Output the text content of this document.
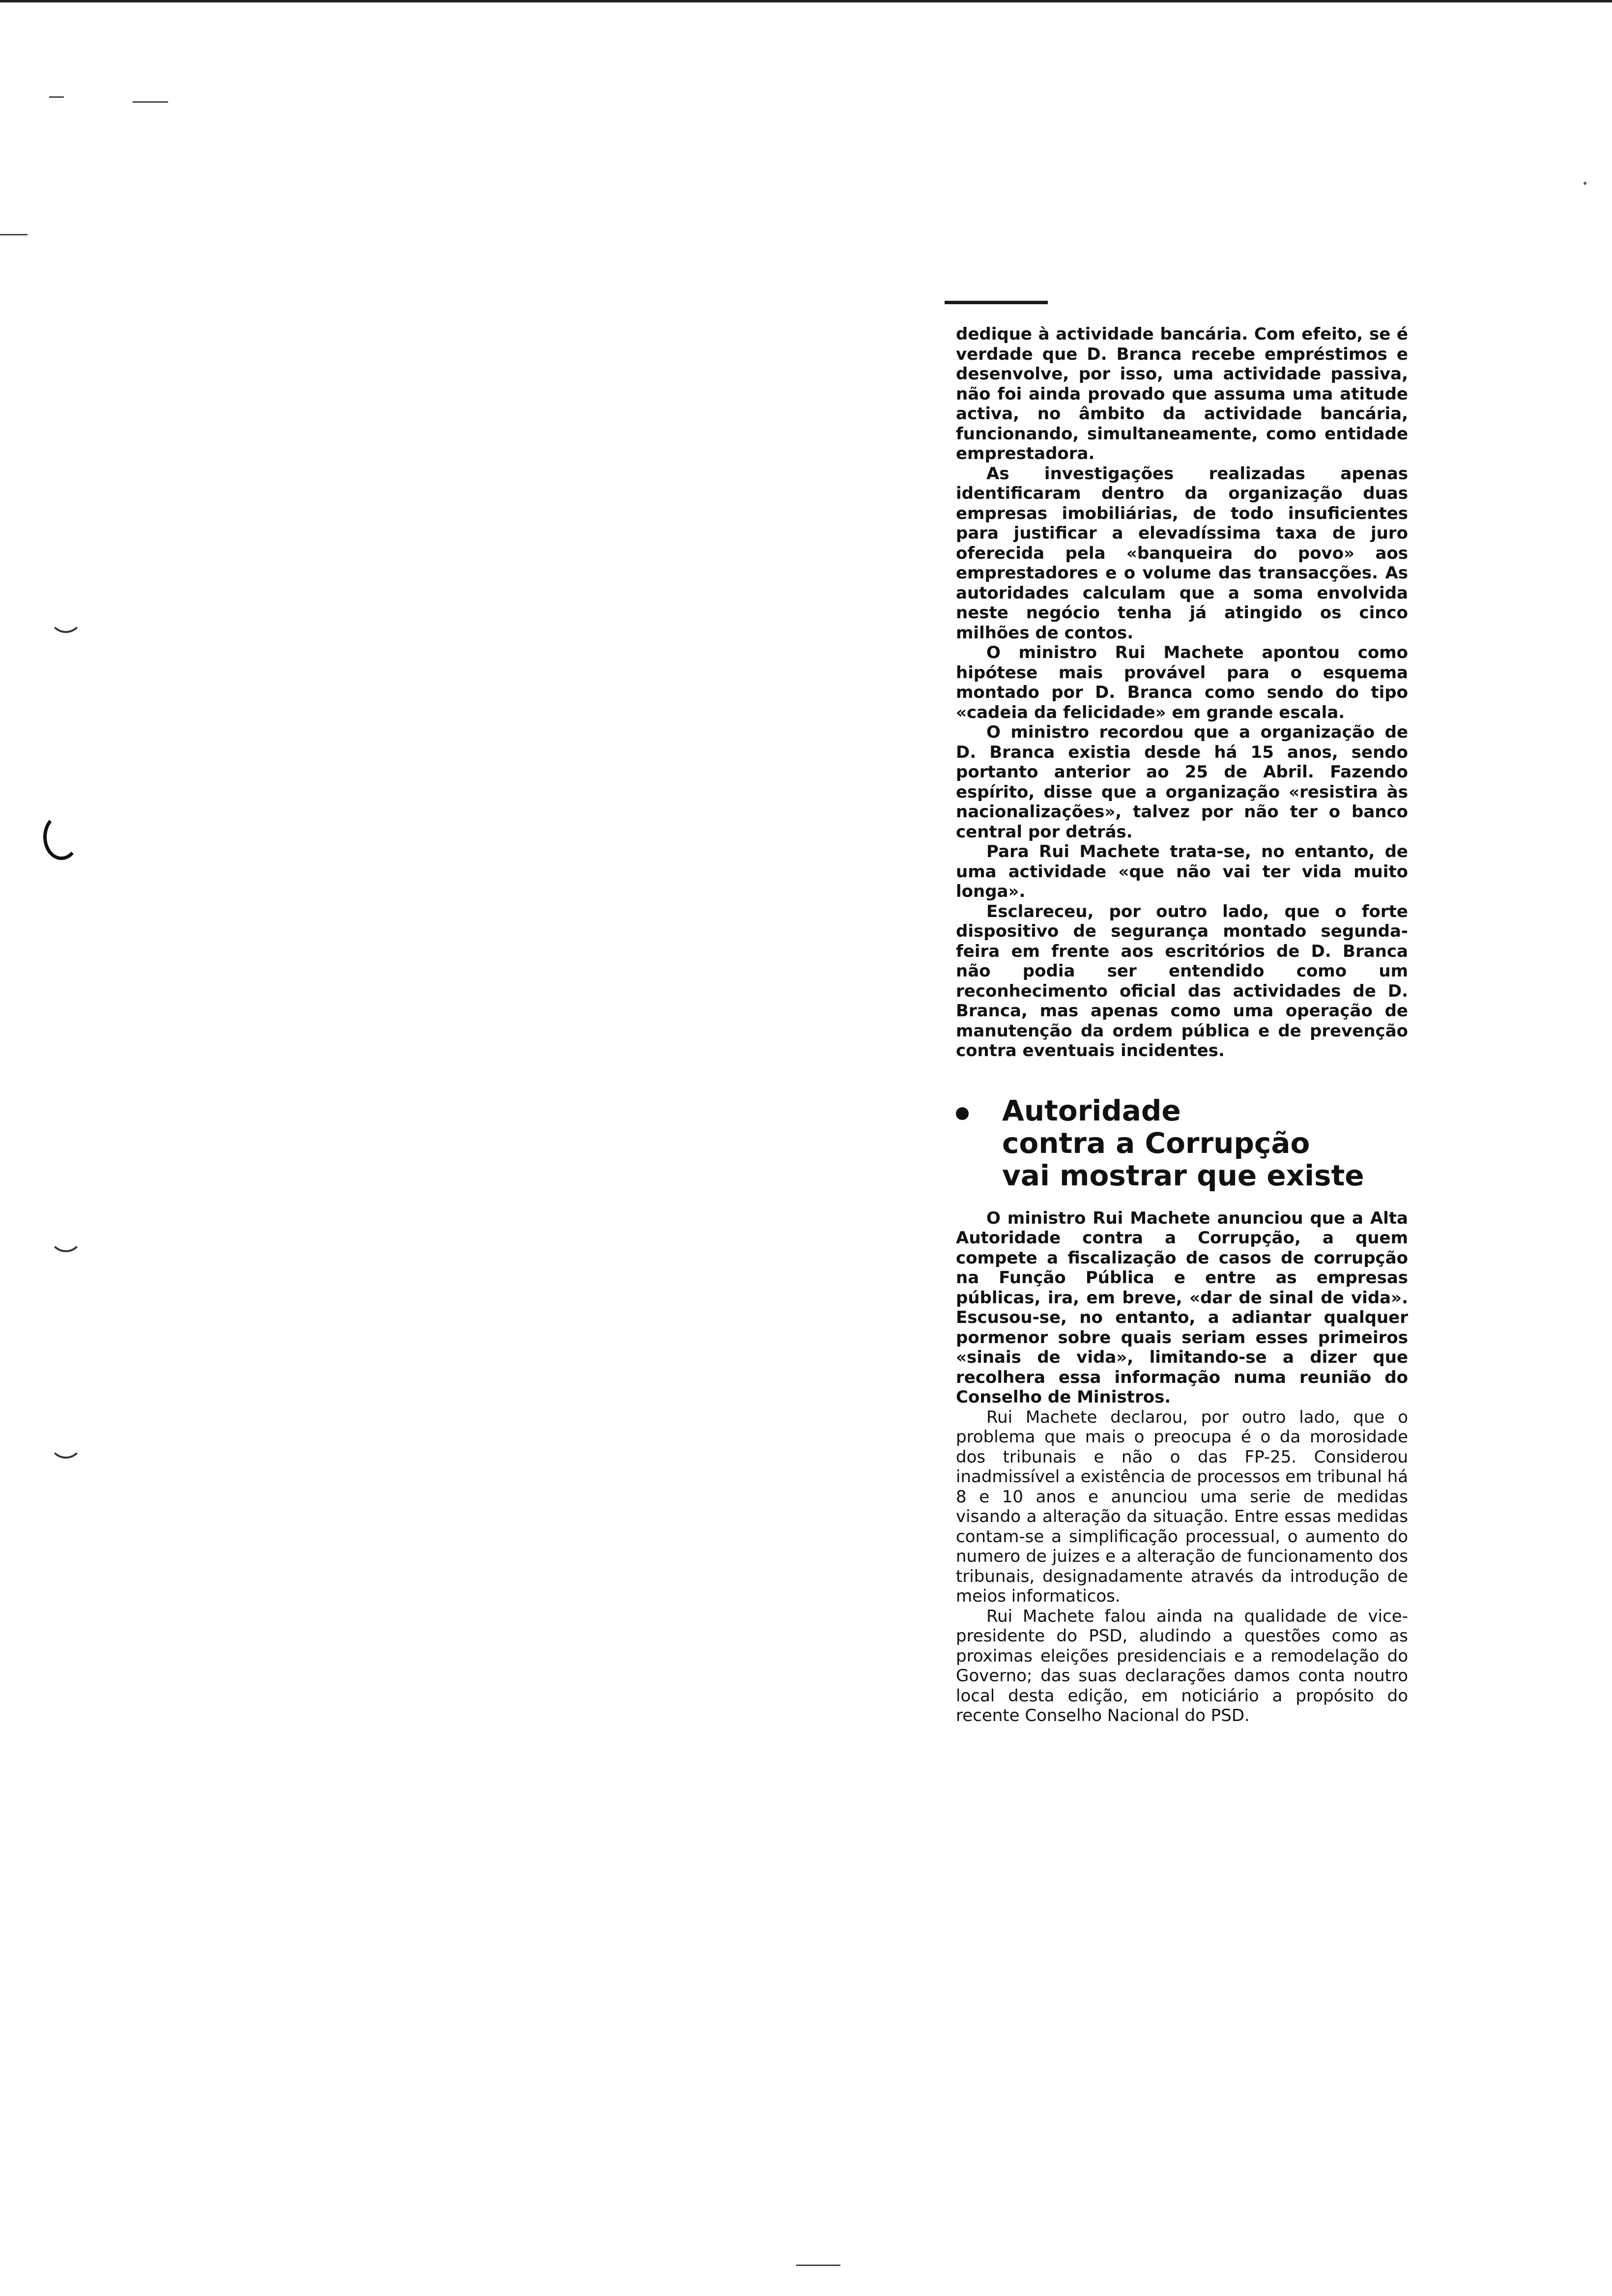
dedique à actividade bancária. Com efeito, se é verdade que D. Branca recebe empréstimos e desenvolve, por isso, uma actividade passiva, não foi ainda provado que assuma uma atitude activa, no âmbito da actividade bancária, funcionando, simultaneamente, como entidade emprestadora.

As investigações realizadas apenas identificaram dentro da organização duas empresas imobiliárias, de todo insuficientes para justificar a elevadíssima taxa de juro oferecida pela «banqueira do povo» aos emprestadores e o volume das transacções. As autoridades calculam que a soma envolvida neste negócio tenha já atingido os cinco milhões de contos.

O ministro Rui Machete apontou como hipótese mais provável para o esquema montado por D. Branca como sendo do tipo «cadeia da felicidade» em grande escala.

O ministro recordou que a organização de D. Branca existia desde há 15 anos, sendo portanto anterior ao 25 de Abril. Fazendo espírito, disse que a organização «resistira às nacionalizações», talvez por não ter o banco central por detrás.

Para Rui Machete trata-se, no entanto, de uma actividade «que não vai ter vida muito longa».

Esclareceu, por outro lado, que o forte dispositivo de segurança montado segunda-feira em frente aos escritórios de D. Branca não podia ser entendido como um reconhecimento oficial das actividades de D. Branca, mas apenas como uma operação de manutenção da ordem pública e de prevenção contra eventuais incidentes.

Autoridade
contra a Corrupção
vai mostrar que existe

O ministro Rui Machete anunciou que a Alta Autoridade contra a Corrupção, a quem compete a fiscalização de casos de corrupção na Função Pública e entre as empresas públicas, ira, em breve, «dar de sinal de vida». Escusou-se, no entanto, a adiantar qualquer pormenor sobre quais seriam esses primeiros «sinais de vida», limitando-se a dizer que recolhera essa informação numa reunião do Conselho de Ministros.

Rui Machete declarou, por outro lado, que o problema que mais o preocupa é o da morosidade dos tribunais e não o das FP-25. Considerou inadmissível a existência de processos em tribunal há 8 e 10 anos e anunciou uma serie de medidas visando a alteração da situação. Entre essas medidas contam-se a simplificação processual, o aumento do numero de juizes e a alteração de funcionamento dos tribunais, designadamente através da introdução de meios informaticos.

Rui Machete falou ainda na qualidade de vice-presidente do PSD, aludindo a questões como as proximas eleições presidenciais e a remodelação do Governo; das suas declarações damos conta noutro local desta edição, em noticiário a propósito do recente Conselho Nacional do PSD.
